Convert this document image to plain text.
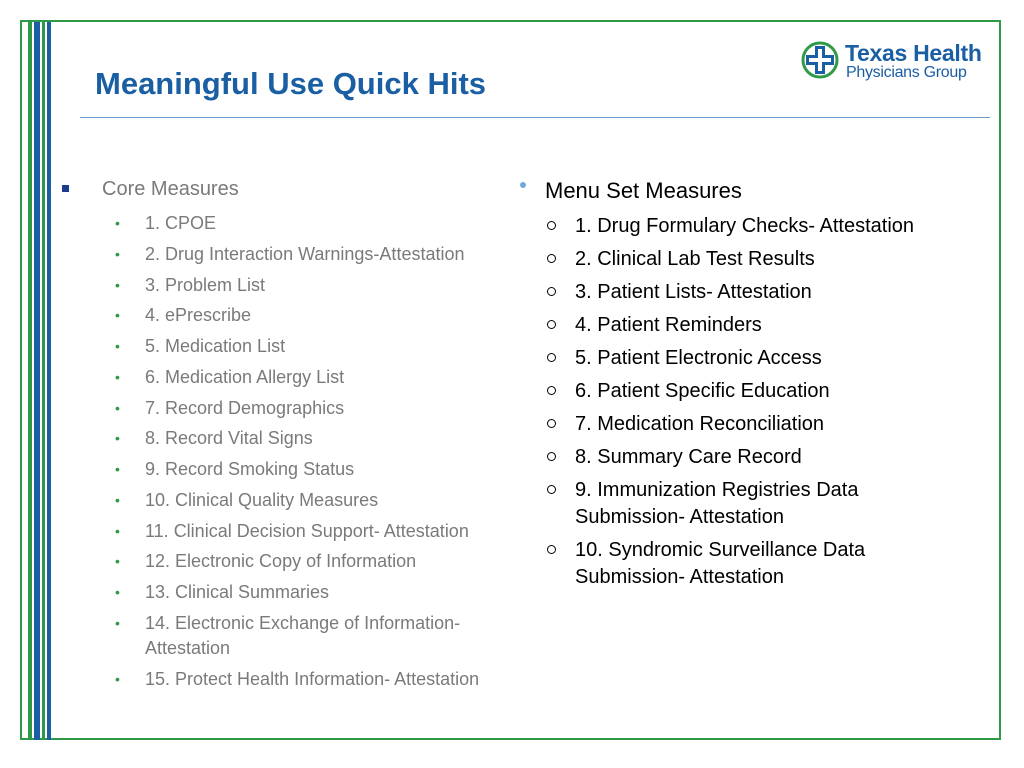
Meaningful Use Quick Hits
Texas Health
Physicians Group
Core Measures
• 1. CPOE
• 2. Drug Interaction Warnings-Attestation
• 3. Problem List
• 4. ePrescribe
• 5. Medication List
• 6. Medication Allergy List
• 7. Record Demographics
• 8. Record Vital Signs
• 9. Record Smoking Status
• 10. Clinical Quality Measures
• 11. Clinical Decision Support- Attestation
• 12. Electronic Copy of Information
• 13. Clinical Summaries
• 14. Electronic Exchange of Information-
Attestation
• 15. Protect Health Information- Attestation
Menu Set Measures
1. Drug Formulary Checks- Attestation
2. Clinical Lab Test Results
3. Patient Lists- Attestation
4. Patient Reminders
5. Patient Electronic Access
6. Patient Specific Education
7. Medication Reconciliation
8. Summary Care Record
9. Immunization Registries Data
Submission- Attestation
10. Syndromic Surveillance Data
Submission- Attestation
